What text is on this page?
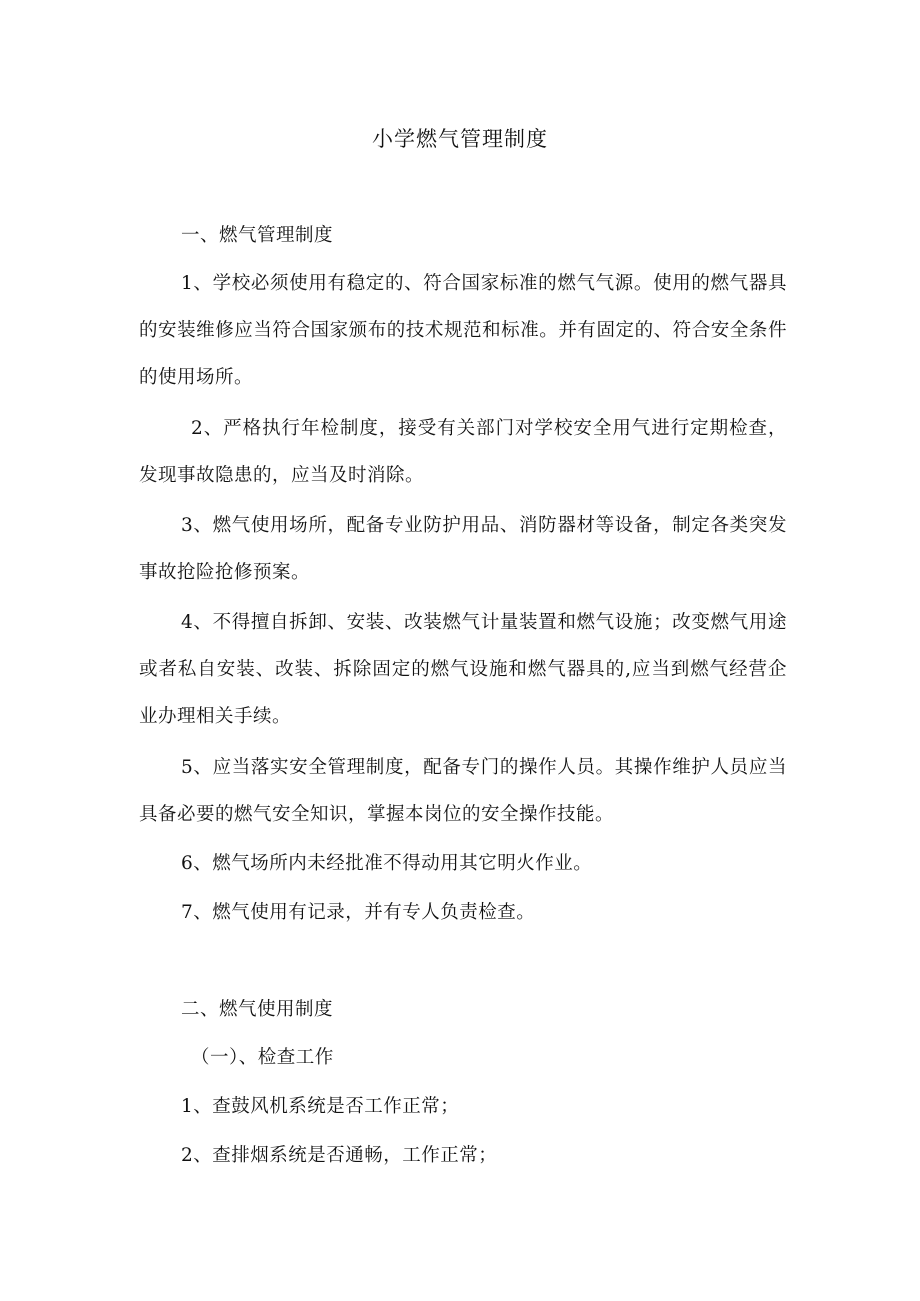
小学燃气管理制度

一、燃气管理制度

1、学校必须使用有稳定的、符合国家标准的燃气气源。使用的燃气器具的安装维修应当符合国家颁布的技术规范和标准。并有固定的、符合安全条件的使用场所。

2、严格执行年检制度，接受有关部门对学校安全用气进行定期检查，发现事故隐患的，应当及时消除。

3、燃气使用场所，配备专业防护用品、消防器材等设备，制定各类突发事故抢险抢修预案。

4、不得擅自拆卸、安装、改装燃气计量装置和燃气设施；改变燃气用途或者私自安装、改装、拆除固定的燃气设施和燃气器具的,应当到燃气经营企业办理相关手续。

5、应当落实安全管理制度，配备专门的操作人员。其操作维护人员应当具备必要的燃气安全知识，掌握本岗位的安全操作技能。

6、燃气场所内未经批准不得动用其它明火作业。

7、燃气使用有记录，并有专人负责检查。

二、燃气使用制度

（一）、检查工作

1、查鼓风机系统是否工作正常；

2、查排烟系统是否通畅，工作正常；
